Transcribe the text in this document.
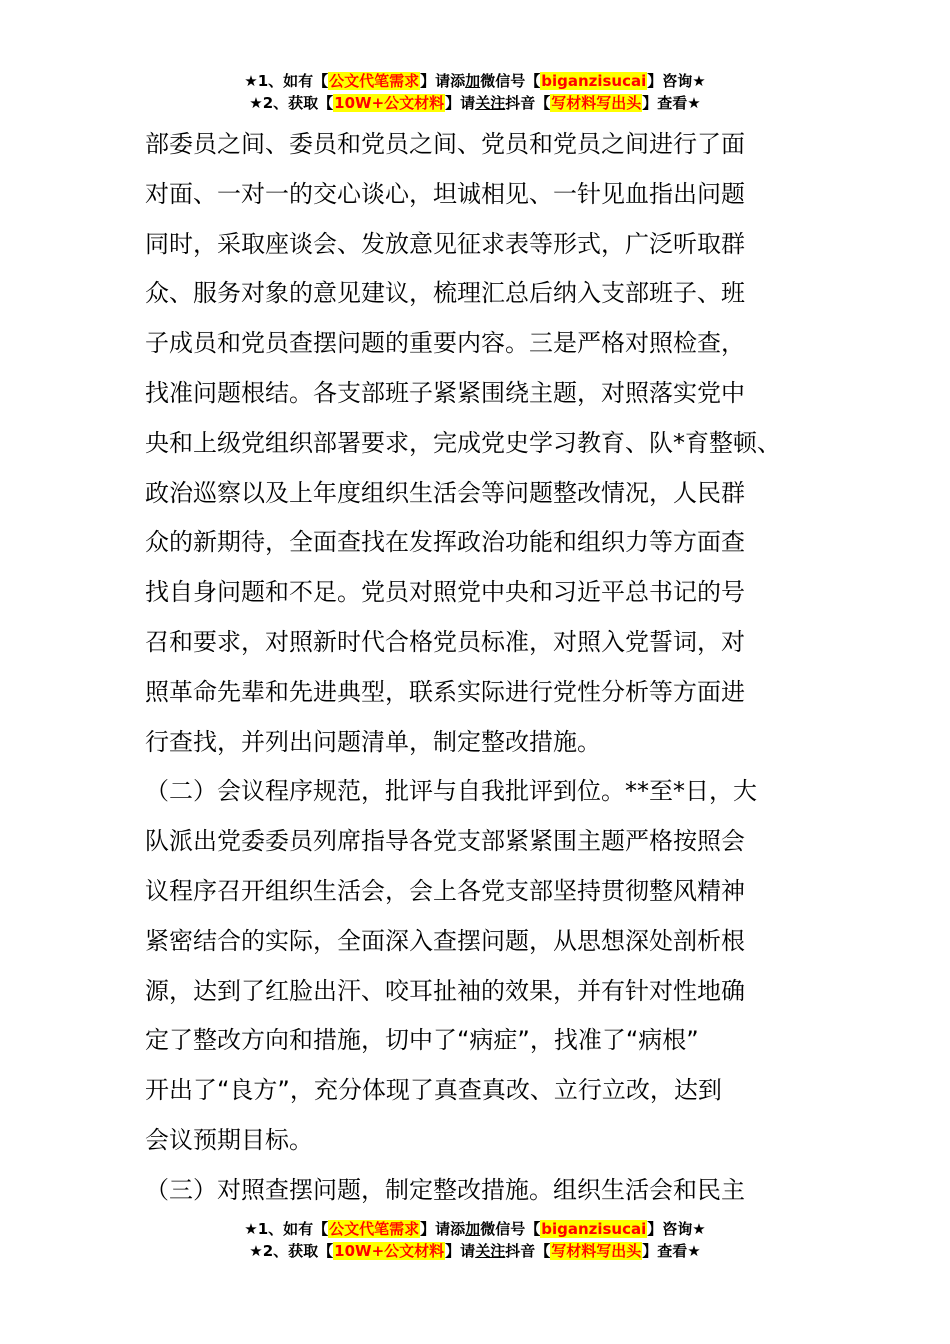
★1、如有【公文代笔需求】请添加微信号【biganzisucai】咨询★
★2、获取【10W+公文材料】请关注抖音【写材料写出头】查看★
部委员之间、委员和党员之间、党员和党员之间进行了面
对面、一对一的交心谈心，坦诚相见、一针见血指出问题
同时，采取座谈会、发放意见征求表等形式，广泛听取群
众、服务对象的意见建议，梳理汇总后纳入支部班子、班
子成员和党员查摆问题的重要内容。三是严格对照检查，
找准问题根结。各支部班子紧紧围绕主题，对照落实党中
央和上级党组织部署要求，完成党史学习教育、队*育整顿、
政治巡察以及上年度组织生活会等问题整改情况，人民群
众的新期待，全面查找在发挥政治功能和组织力等方面查
找自身问题和不足。党员对照党中央和习近平总书记的号
召和要求，对照新时代合格党员标准，对照入党誓词，对
照革命先辈和先进典型，联系实际进行党性分析等方面进
行查找，并列出问题清单，制定整改措施。
（二）会议程序规范，批评与自我批评到位。**至*日，大
队派出党委委员列席指导各党支部紧紧围主题严格按照会
议程序召开组织生活会，会上各党支部坚持贯彻整风精神
紧密结合的实际，全面深入查摆问题，从思想深处剖析根
源，达到了红脸出汗、咬耳扯袖的效果，并有针对性地确
定了整改方向和措施，切中了“病症”，找准了“病根”
开出了“良方”，充分体现了真查真改、立行立改，达到
会议预期目标。
（三）对照查摆问题，制定整改措施。组织生活会和民主
★1、如有【公文代笔需求】请添加微信号【biganzisucai】咨询★
★2、获取【10W+公文材料】请关注抖音【写材料写出头】查看★
